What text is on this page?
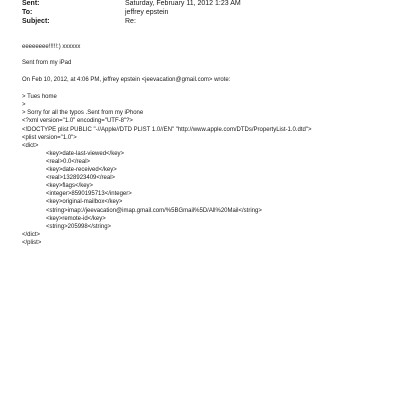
Sent:	Saturday, February 11, 2012 1:23 AM
To:	jeffrey epstein
Subject:	Re:
eeeeeeee!!!!!:) xxxxxx
Sent from my iPad
On Feb 10, 2012, at 4:06 PM, jeffrey epstein <jeevacation@gmail.com> wrote:
> Tues home
>
> Sorry for all the typos .Sent from my iPhone
<?xml version="1.0" encoding="UTF-8"?>
<!DOCTYPE plist PUBLIC "-//Apple//DTD PLIST 1.0//EN" "http://www.apple.com/DTDs/PropertyList-1.0.dtd">
<plist version="1.0">
<dict>
<key>date-last-viewed</key>
<real>0.0</real>
<key>date-received</key>
<real>1328923409</real>
<key>flags</key>
<integer>8590195713</integer>
<key>original-mailbox</key>
<string>imap://jeevacation@imap.gmail.com/%5BGmail%5D/All%20Mail</string>
<key>remote-id</key>
<string>205998</string>
</dict>
</plist>
